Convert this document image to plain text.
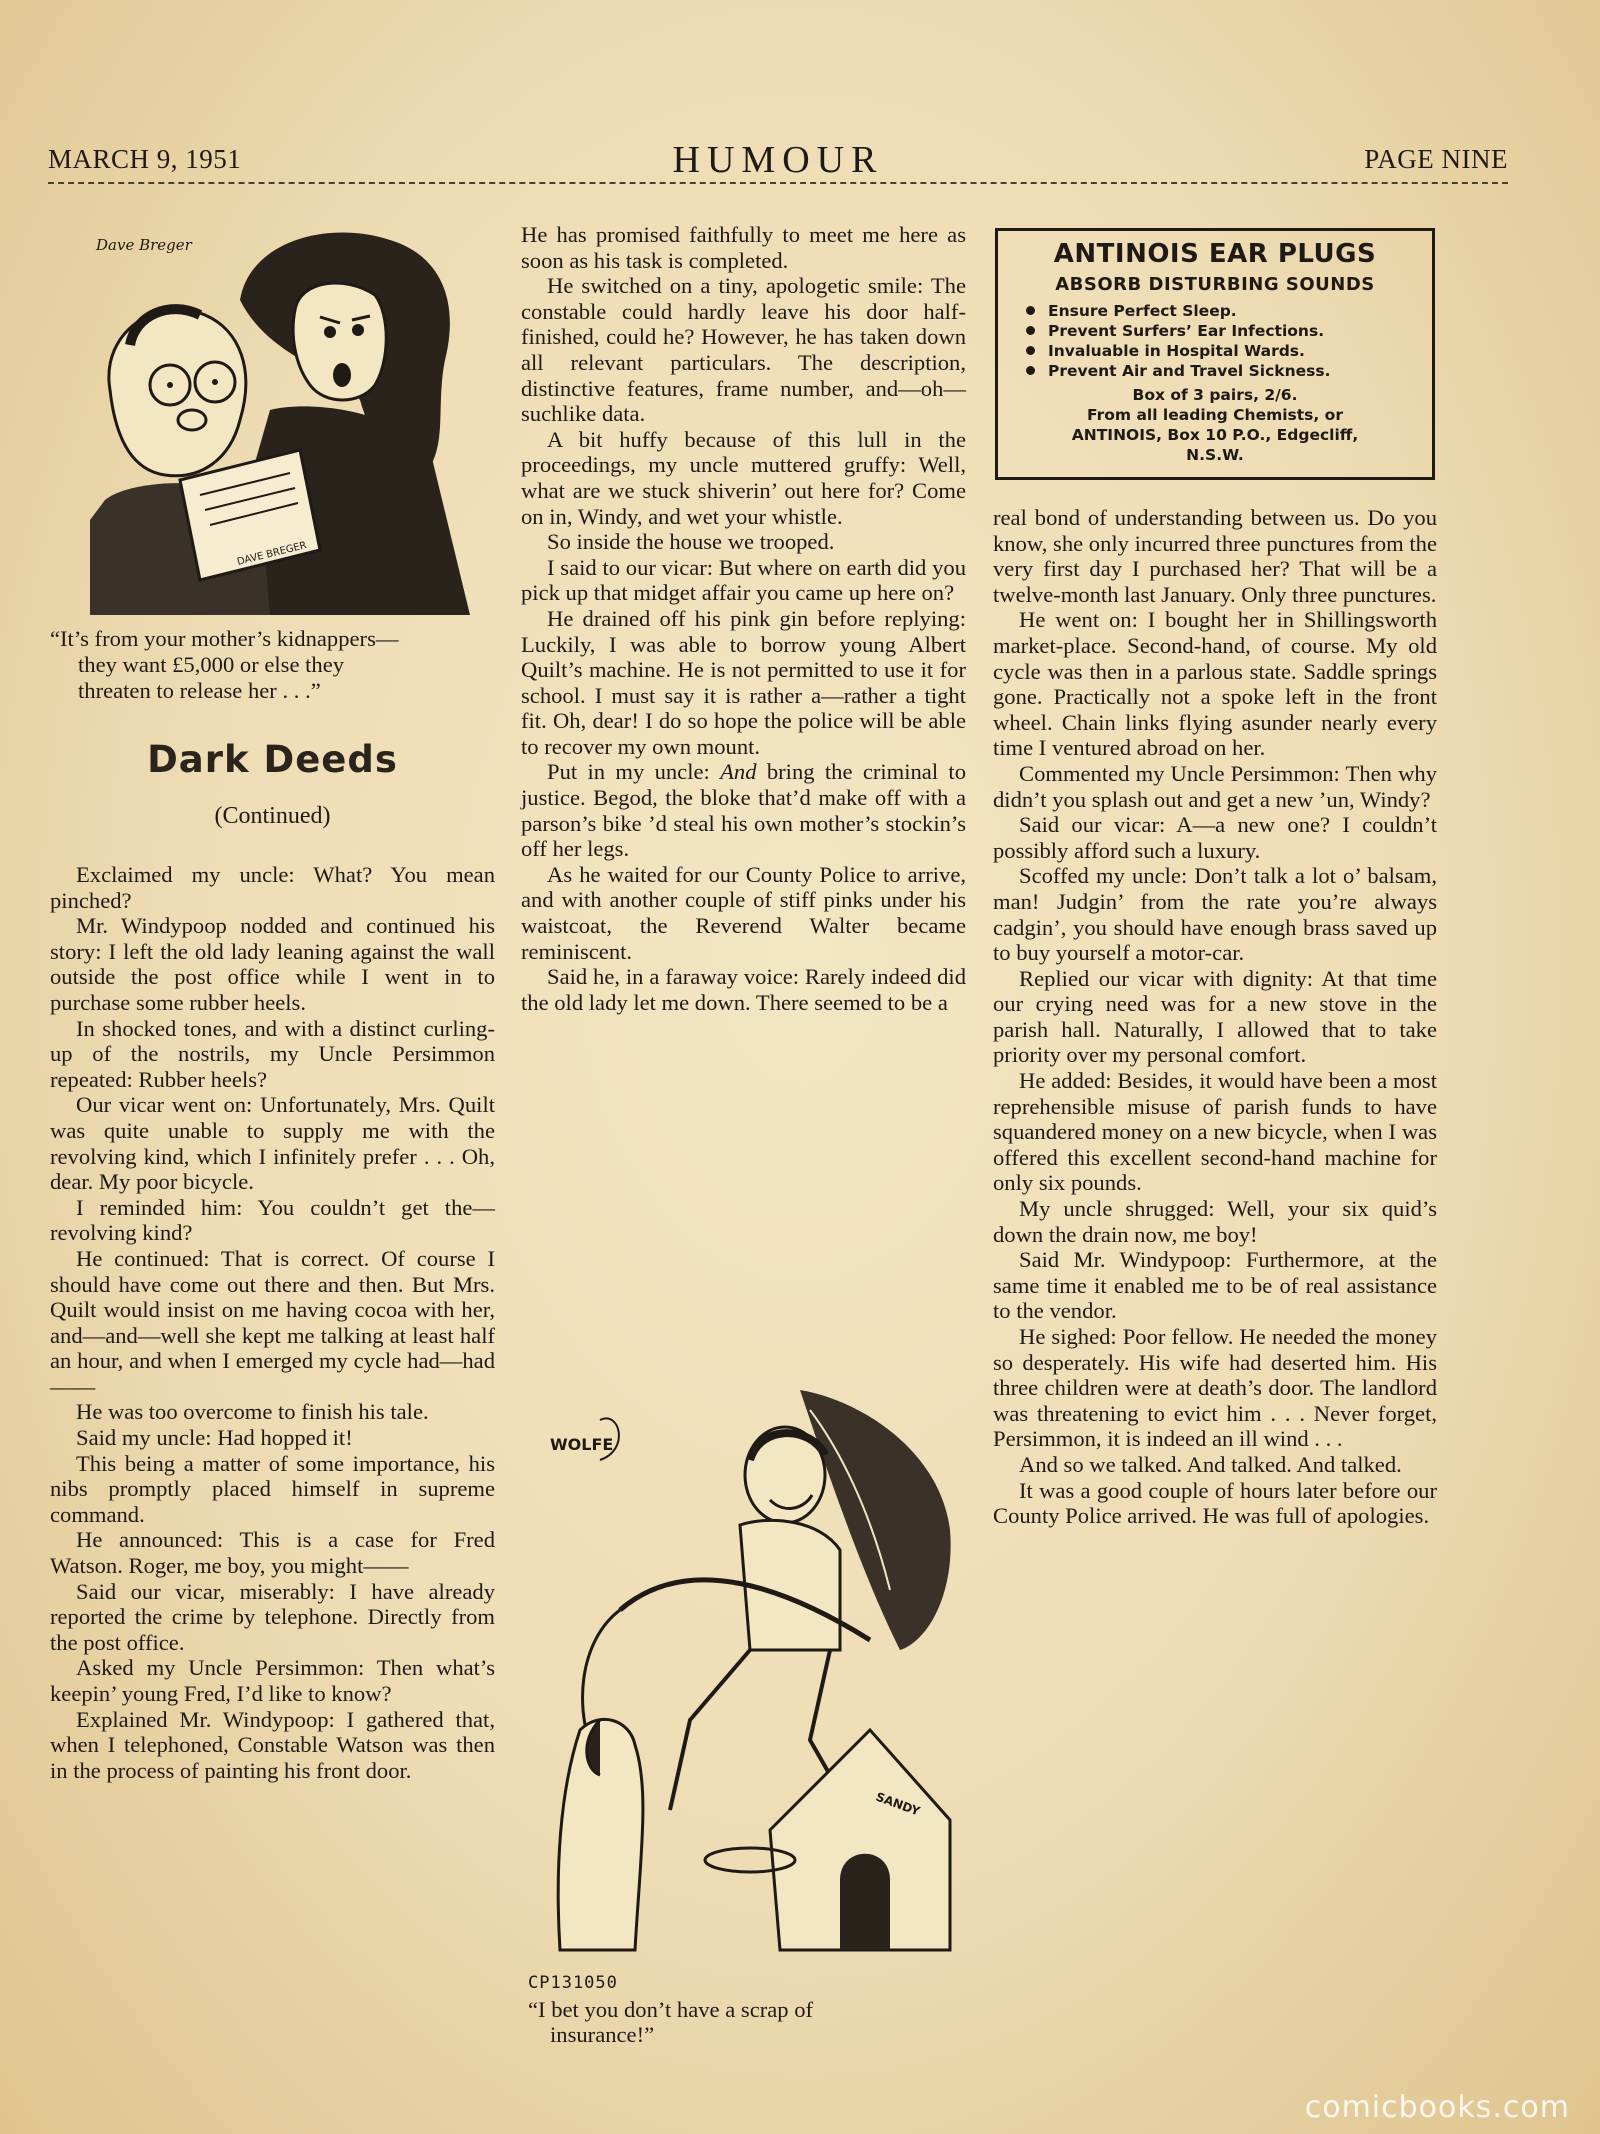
MARCH 9, 1951	HUMOUR	PAGE NINE
Dave Breger
DAVE BREGER
“It’s from your mother’s kidnappers—
they want £5,000 or else they
threaten to release her . . .”
Dark Deeds
(Continued)

Exclaimed my uncle: What? You mean pinched?

Mr. Windypoop nodded and continued his story: I left the old lady leaning against the wall outside the post office while I went in to purchase some rubber heels.

In shocked tones, and with a distinct curling-up of the nostrils, my Uncle Persimmon repeated: Rubber heels?

Our vicar went on: Unfortunately, Mrs. Quilt was quite unable to supply me with the revolving kind, which I infinitely prefer . . . Oh, dear. My poor bicycle.

I reminded him: You couldn’t get the—revolving kind?

He continued: That is correct. Of course I should have come out there and then. But Mrs. Quilt would insist on me having cocoa with her, and—and—well she kept me talking at least half an hour, and when I emerged my cycle had—had——

He was too overcome to finish his tale.

Said my uncle: Had hopped it!

This being a matter of some importance, his nibs promptly placed himself in supreme command.

He announced: This is a case for Fred Watson. Roger, me boy, you might——

Said our vicar, miserably: I have already reported the crime by telephone. Directly from the post office.

Asked my Uncle Persimmon: Then what’s keepin’ young Fred, I’d like to know?

Explained Mr. Windypoop: I gathered that, when I telephoned, Constable Watson was then in the process of painting his front door.

He has promised faithfully to meet me here as soon as his task is completed.

He switched on a tiny, apologetic smile: The constable could hardly leave his door half-finished, could he? However, he has taken down all relevant particulars. The description, distinctive features, frame number, and—oh—suchlike data.

A bit huffy because of this lull in the proceedings, my uncle muttered gruffy: Well, what are we stuck shiverin’ out here for? Come on in, Windy, and wet your whistle.

So inside the house we trooped.

I said to our vicar: But where on earth did you pick up that midget affair you came up here on?

He drained off his pink gin before replying: Luckily, I was able to borrow young Albert Quilt’s machine. He is not permitted to use it for school. I must say it is rather a—rather a tight fit. Oh, dear! I do so hope the police will be able to recover my own mount.

Put in my uncle: And bring the criminal to justice. Begod, the bloke that’d make off with a parson’s bike ’d steal his own mother’s stockin’s off her legs.

As he waited for our County Police to arrive, and with another couple of stiff pinks under his waistcoat, the Reverend Walter became reminiscent.

Said he, in a faraway voice: Rarely indeed did the old lady let me down. There seemed to be a

ANTINOIS EAR PLUGS
ABSORB DISTURBING SOUNDS
Ensure Perfect Sleep.
Prevent Surfers’ Ear Infections.
Invaluable in Hospital Wards.
Prevent Air and Travel Sickness.
Box of 3 pairs, 2/6.
From all leading Chemists, or
ANTINOIS, Box 10 P.O., Edgecliff,
N.S.W.

real bond of understanding between us. Do you know, she only incurred three punctures from the very first day I purchased her? That will be a twelve-month last January. Only three punctures.

He went on: I bought her in Shillingsworth market-place. Second-hand, of course. My old cycle was then in a parlous state. Saddle springs gone. Practically not a spoke left in the front wheel. Chain links flying asunder nearly every time I ventured abroad on her.

Commented my Uncle Persimmon: Then why didn’t you splash out and get a new ’un, Windy?

Said our vicar: A—a new one? I couldn’t possibly afford such a luxury.

Scoffed my uncle: Don’t talk a lot o’ balsam, man! Judgin’ from the rate you’re always cadgin’, you should have enough brass saved up to buy yourself a motor-car.

Replied our vicar with dignity: At that time our crying need was for a new stove in the parish hall. Naturally, I allowed that to take priority over my personal comfort.

He added: Besides, it would have been a most reprehensible misuse of parish funds to have squandered money on a new bicycle, when I was offered this excellent second-hand machine for only six pounds.

My uncle shrugged: Well, your six quid’s down the drain now, me boy!

Said Mr. Windypoop: Furthermore, at the same time it enabled me to be of real assistance to the vendor.

He sighed: Poor fellow. He needed the money so desperately. His wife had deserted him. His three children were at death’s door. The landlord was threatening to evict him . . . Never forget, Persimmon, it is indeed an ill wind . . .

And so we talked. And talked. And talked.

It was a good couple of hours later before our County Police arrived. He was full of apologies.

WOLFE
SANDY
CP131050
“I bet you don’t have a scrap of
insurance!”
comicbooks.com
